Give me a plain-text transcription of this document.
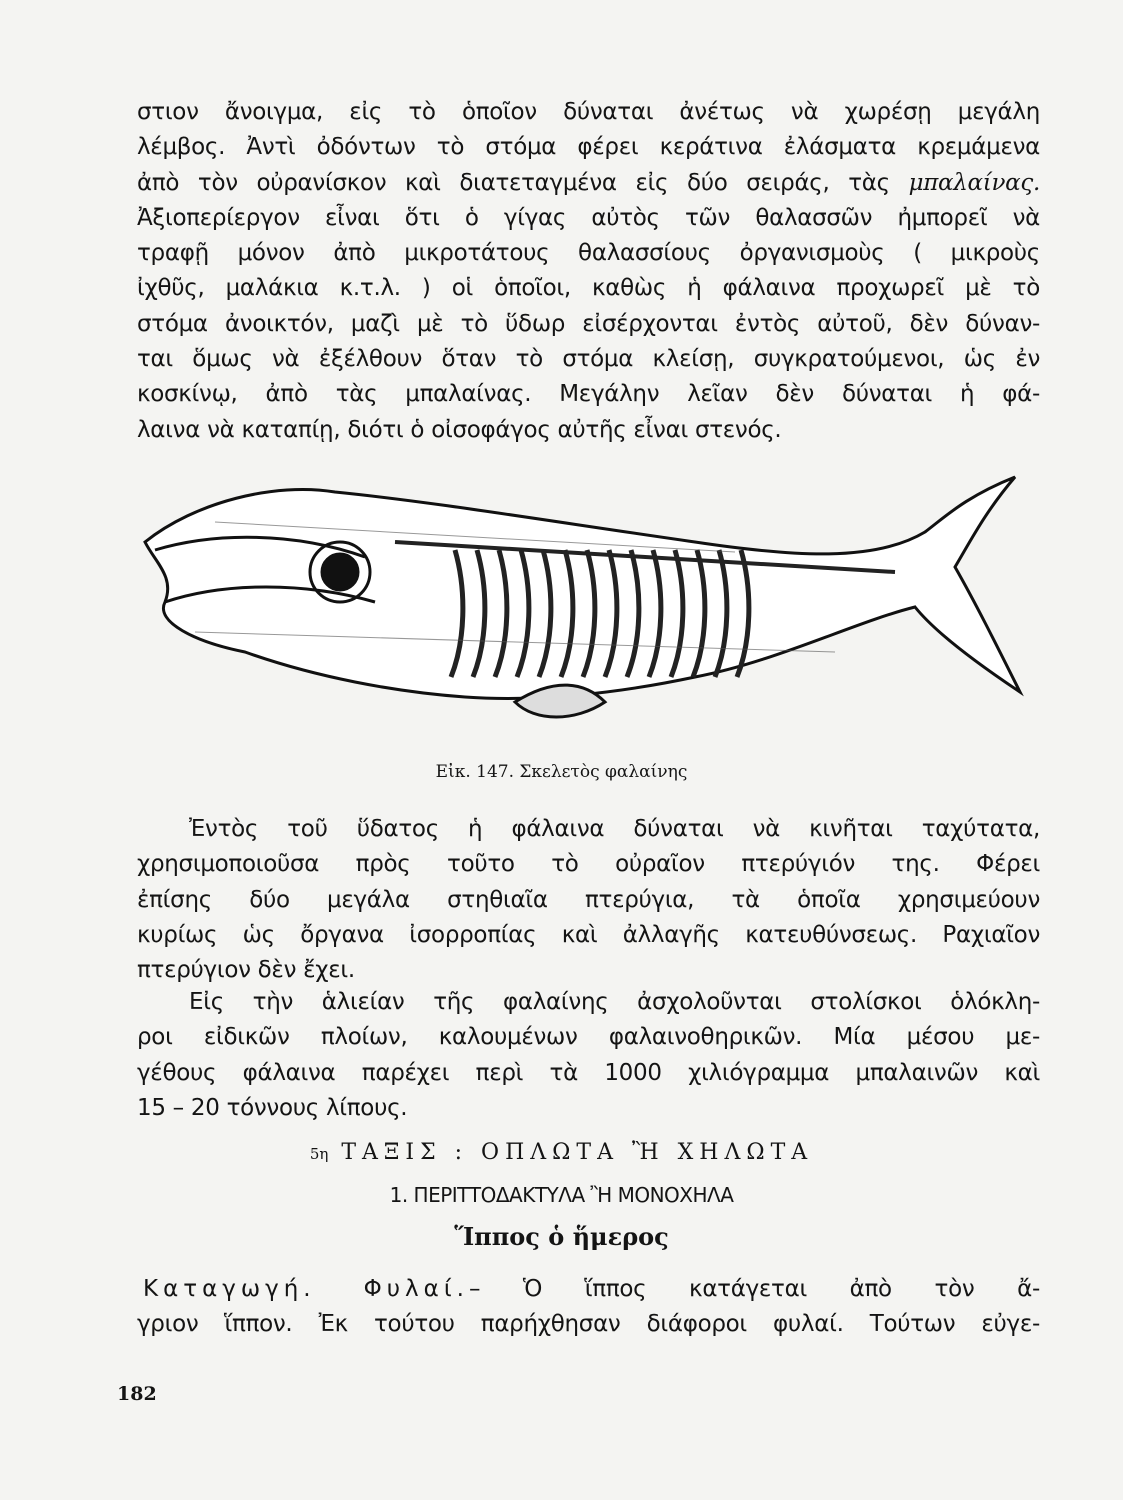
στιον ἄνοιγμα, εἰς τὸ ὁποῖον δύναται ἀνέτως νὰ χωρέσῃ μεγάλη
λέμβος. Ἀντὶ ὀδόντων τὸ στόμα φέρει κεράτινα ἐλάσματα κρεμάμενα
ἀπὸ τὸν οὐρανίσκον καὶ διατεταγμένα εἰς δύο σειράς, τὰς μπαλαίνας.
Ἀξιοπερίεργον εἶναι ὅτι ὁ γίγας αὐτὸς τῶν θαλασσῶν ἠμπορεῖ νὰ
τραφῇ μόνον ἀπὸ μικροτάτους θαλασσίους ὀργανισμοὺς ( μικροὺς
ἰχθῦς, μαλάκια κ.τ.λ. ) οἱ ὁποῖοι, καθὼς ἡ φάλαινα προχωρεῖ μὲ τὸ
στόμα ἀνοικτόν, μαζὶ μὲ τὸ ὕδωρ εἰσέρχονται ἐντὸς αὐτοῦ, δὲν δύναν-
ται ὅμως νὰ ἐξέλθουν ὅταν τὸ στόμα κλείσῃ, συγκρατούμενοι, ὡς ἐν
κοσκίνῳ, ἀπὸ τὰς μπαλαίνας. Μεγάλην λεῖαν δὲν δύναται ἡ φά-
λαινα νὰ καταπίῃ, διότι ὁ οἰσοφάγος αὐτῆς εἶναι στενός.
Εἰκ. 147. Σκελετὸς φαλαίνης
Ἐντὸς τοῦ ὕδατος ἡ φάλαινα δύναται νὰ κινῆται ταχύτατα,
χρησιμοποιοῦσα πρὸς τοῦτο τὸ οὐραῖον πτερύγιόν της. Φέρει
ἐπίσης δύο μεγάλα στηθιαῖα πτερύγια, τὰ ὁποῖα χρησιμεύουν
κυρίως ὡς ὄργανα ἰσορροπίας καὶ ἀλλαγῆς κατευθύνσεως. Ραχιαῖον
πτερύγιον δὲν ἔχει.
Εἰς τὴν ἁλιείαν τῆς φαλαίνης ἀσχολοῦνται στολίσκοι ὁλόκλη-
ροι εἰδικῶν πλοίων, καλουμένων φαλαινοθηρικῶν. Μία μέσου με-
γέθους φάλαινα παρέχει περὶ τὰ 1000 χιλιόγραμμα μπαλαινῶν καὶ
15 – 20 τόννους λίπους.
5η ΤΑΞΙΣ : ΟΠΛΩΤΑ Ἢ ΧΗΛΩΤΑ
1. ΠΕΡΙΤΤΟΔΑΚΤΥΛΑ Ἢ ΜΟΝΟΧΗΛΑ
Ἵππος ὁ ἥμερος
Καταγωγή. Φυλαί.– Ὁ ἵππος κατάγεται ἀπὸ τὸν ἄ-
γριον ἵππον. Ἐκ τούτου παρήχθησαν διάφοροι φυλαί. Τούτων εὐγε-
182
